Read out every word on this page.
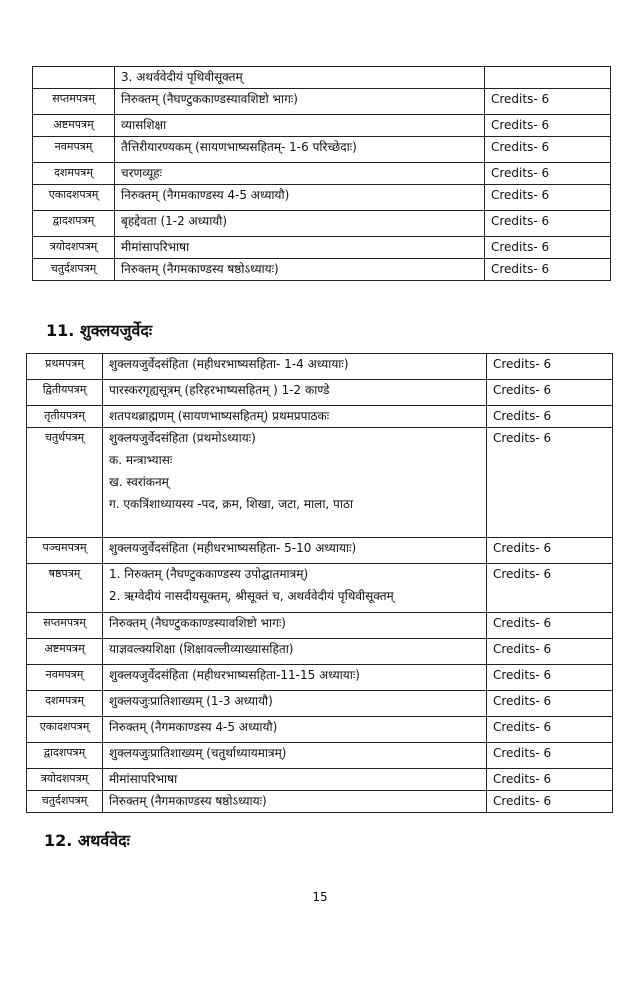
	3. अथर्ववेदीयं पृथिवीसूक्तम्	

सप्तमपत्रम्	निरुक्तम् (नैघण्टुककाण्डस्यावशिष्टो भागः)	Credits- 6
अष्टमपत्रम्	व्यासशिक्षा	Credits- 6
नवमपत्रम्	तैत्तिरीयारण्यकम् (सायणभाष्यसहितम्- 1-6 परिच्छेदाः)	Credits- 6
दशमपत्रम्	चरणव्यूहः	Credits- 6
एकादशपत्रम्	निरुक्तम् (नैगमकाण्डस्य 4-5 अध्यायौ)	Credits- 6
द्वादशपत्रम्	बृहद्देवता (1-2 अध्यायौ)	Credits- 6
त्रयोदशपत्रम्	मीमांसापरिभाषा	Credits- 6
चतुर्दशपत्रम्	निरुक्तम् (नैगमकाण्डस्य षष्ठोऽध्यायः)	Credits- 6
11. शुक्लयजुर्वेदः
प्रथमपत्रम्	शुक्लयजुर्वेदसंहिता (महीधरभाष्यसहिता- 1-4 अध्यायाः)	Credits- 6
द्वितीयपत्रम्	पारस्करगृह्यसूत्रम् (हरिहरभाष्यसहितम् ) 1-2 काण्डे	Credits- 6
तृतीयपत्रम्	शतपथब्राह्मणम् (सायणभाष्यसहितम्) प्रथमप्रपाठकः	Credits- 6
चतुर्थपत्रम्	शुक्लयजुर्वेदसंहिता (प्रथमोऽध्यायः)
क. मन्त्राभ्यासः
ख. स्वरांकनम्
ग. एकत्रिंशाध्यायस्य -पद, क्रम, शिखा, जटा, माला, पाठा	Credits- 6
पञ्चमपत्रम्	शुक्लयजुर्वेदसंहिता (महीधरभाष्यसहिता- 5-10 अध्यायाः)	Credits- 6
षष्ठपत्रम्	1. निरुक्तम् (नैघण्टुककाण्डस्य उपोद्घातमात्रम्)
2. ऋग्वेदीयं नासदीयसूक्तम्, श्रीसूक्तं च, अथर्ववेदीयं पृथिवीसूक्तम्	Credits- 6
सप्तमपत्रम्	निरुक्तम् (नैघण्टुककाण्डस्यावशिष्टो भागः)	Credits- 6
अष्टमपत्रम्	याज्ञवल्क्यशिक्षा (शिक्षावल्लीव्याख्यासहिता)	Credits- 6
नवमपत्रम्	शुक्लयजुर्वेदसंहिता (महीधरभाष्यसहिता-11-15 अध्यायाः)	Credits- 6
दशमपत्रम्	शुक्लयजुःप्रातिशाख्यम् (1-3 अध्यायौ)	Credits- 6
एकादशपत्रम्	निरुक्तम् (नैगमकाण्डस्य 4-5 अध्यायौ)	Credits- 6
द्वादशपत्रम्	शुक्लयजुःप्रातिशाख्यम् (चतुर्थाध्यायमात्रम्)	Credits- 6
त्रयोदशपत्रम्	मीमांसापरिभाषा	Credits- 6
चतुर्दशपत्रम्	निरुक्तम् (नैगमकाण्डस्य षष्ठोऽध्यायः)	Credits- 6
12. अथर्ववेदः
15
